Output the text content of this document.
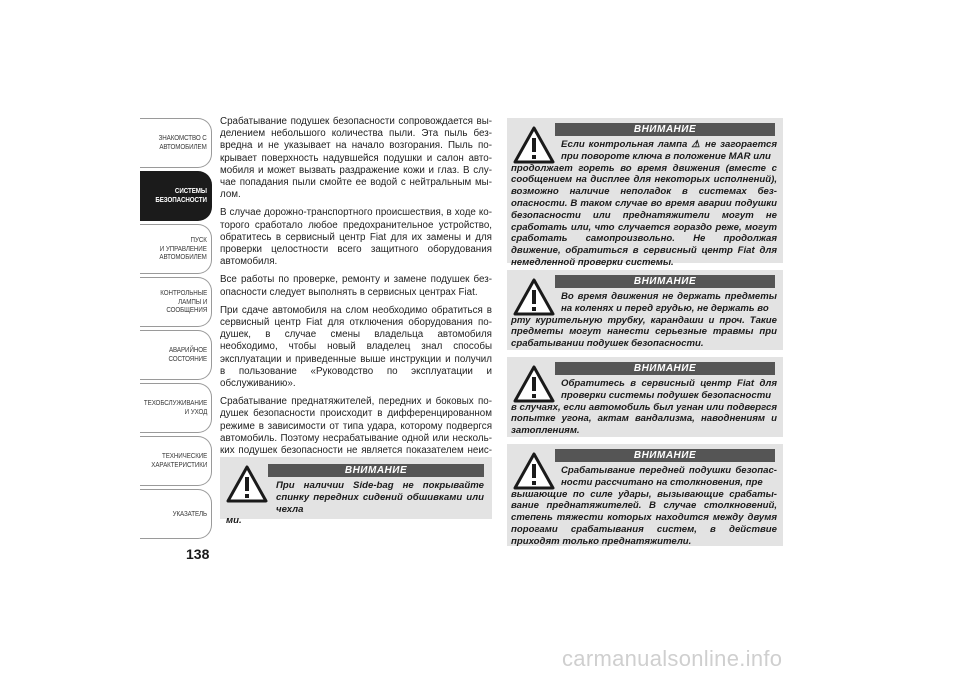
ЗНАКОМСТВО С
АВТОМОБИЛЕМ
СИСТЕМЫ
БЕЗОПАСНОСТИ
ПУСК
И УПРАВЛЕНИЕ
АВТОМОБИЛЕМ
КОНТРОЛЬНЫЕ
ЛАМПЫ И
СООБЩЕНИЯ
АВАРИЙНОЕ
СОСТОЯНИЕ
ТЕХОБСЛУЖИВАНИЕ
И УХОД
ТЕХНИЧЕСКИЕ
ХАРАКТЕРИСТИКИ
УКАЗАТЕЛЬ
138

Срабатывание подушек безопасности сопровождается выделением небольшого количества пыли. Эта пыль безвредна и не указывает на начало возгорания. Пыль покрывает поверхность надувшейся подушки и салон автомобиля и может вызвать раздражение кожи и глаз. В случае попадания пыли смойте ее водой с нейтральным мылом.

В случае дорожно-транспортного происшествия, в ходе которого сработало любое предохранительное устройство, обратитесь в сервисный центр Fiat для их замены и для проверки целостности всего защитного оборудования автомобиля.

Все работы по проверке, ремонту и замене подушек безопасности следует выполнять в сервисных центрах Fiat.

При сдаче автомобиля на слом необходимо обратиться в сервисный центр Fiat для отключения оборудования подушек, в случае смены владельца автомобиля необходимо, чтобы новый владелец знал способы эксплуатации и приведенные выше инструкции и получил в пользование «Руководство по эксплуатации и обслуживанию».

Срабатывание преднатяжителей, передних и боковых подушек безопасности происходит в дифференцированном режиме в зависимости от типа удара, которому подвергся автомобиль. Поэтому несрабатывание одной или нескольких подушек безопасности не является показателем неис

ВНИМАНИЕ
При наличии Side-bag не покрывайте спинку передних сидений обшивками или чехла
ми.
ВНИМАНИЕ
Если контрольная лампа ⚠ не загорается при повороте ключа в положение MAR или
продолжает гореть во время движения (вместе с сообщением на дисплее для некоторых исполнений), возможно наличие неполадок в системах безопасности. В таком случае во время аварии подушки безопасности или преднатяжители могут не сработать или, что случается гораздо реже, могут сработать самопроизвольно. Не продолжая движение, обратиться в сервисный центр Fiat для немедленной проверки системы.
ВНИМАНИЕ
Во время движения не держать предметы на коленях и перед грудью, не держать во
рту курительную трубку, карандаши и проч. Такие предметы могут нанести серьезные травмы при срабатывании подушек безопасности.
ВНИМАНИЕ
Обратитесь в сервисный центр Fiat для проверки системы подушек безопасности
в случаях, если автомобиль был угнан или подвергся попытке угона, актам вандализма, наводнениям и затоплениям.
ВНИМАНИЕ
Срабатывание передней подушки безопасности рассчитано на столкновения, пре
вышающие по силе удары, вызывающие срабатывание преднатяжителей. В случае столкновений, степень тяжести которых находится между двумя порогами срабатывания систем, в действие приходят только преднатяжители.
carmanualsonline.info
